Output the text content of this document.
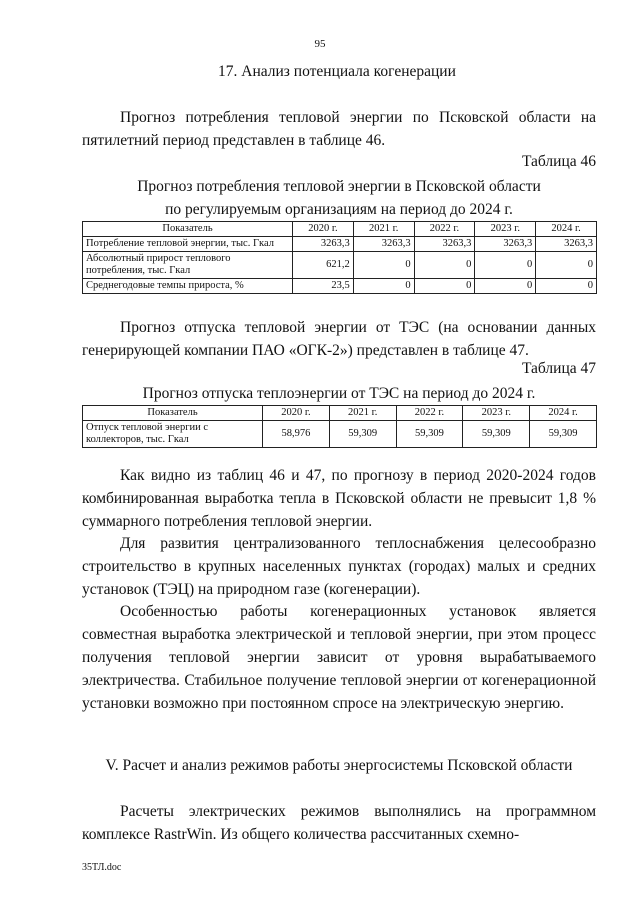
95
17. Анализ потенциала когенерации
Прогноз потребления тепловой энергии по Псковской области на пятилетний период представлен в таблице 46.
Таблица 46
Прогноз потребления тепловой энергии в Псковской области
по регулируемым организациям на период до 2024 г.
Показатель	2020 г.	2021 г.	2022 г.	2023 г.	2024 г.
Потребление тепловой энергии, тыс. Гкал	3263,3	3263,3	3263,3	3263,3	3263,3
Абсолютный прирост теплового потребления, тыс. Гкал	621,2	0	0	0	0
Среднегодовые темпы прироста, %	23,5	0	0	0	0
Прогноз отпуска тепловой энергии от ТЭС (на основании данных генерирующей компании ПАО «ОГК-2») представлен в таблице 47.
Таблица 47
Прогноз отпуска теплоэнергии от ТЭС на период до 2024 г.
Показатель	2020 г.	2021 г.	2022 г.	2023 г.	2024 г.
Отпуск тепловой энергии с коллекторов, тыс. Гкал	58,976	59,309	59,309	59,309	59,309
Как видно из таблиц 46 и 47, по прогнозу в период 2020-2024 годов комбинированная выработка тепла в Псковской области не превысит 1,8 % суммарного потребления тепловой энергии.
Для развития централизованного теплоснабжения целесообразно строительство в крупных населенных пунктах (городах) малых и средних установок (ТЭЦ) на природном газе (когенерации).
Особенностью работы когенерационных установок является совместная выработка электрической и тепловой энергии, при этом процесс получения тепловой энергии зависит от уровня вырабатываемого электричества. Стабильное получение тепловой энергии от когенерационной установки возможно при постоянном спросе на электрическую энергию.
V. Расчет и анализ режимов работы энергосистемы Псковской области
Расчеты электрических режимов выполнялись на программном комплексе RastrWin. Из общего количества рассчитанных схемно-
35ТЛ.doc
